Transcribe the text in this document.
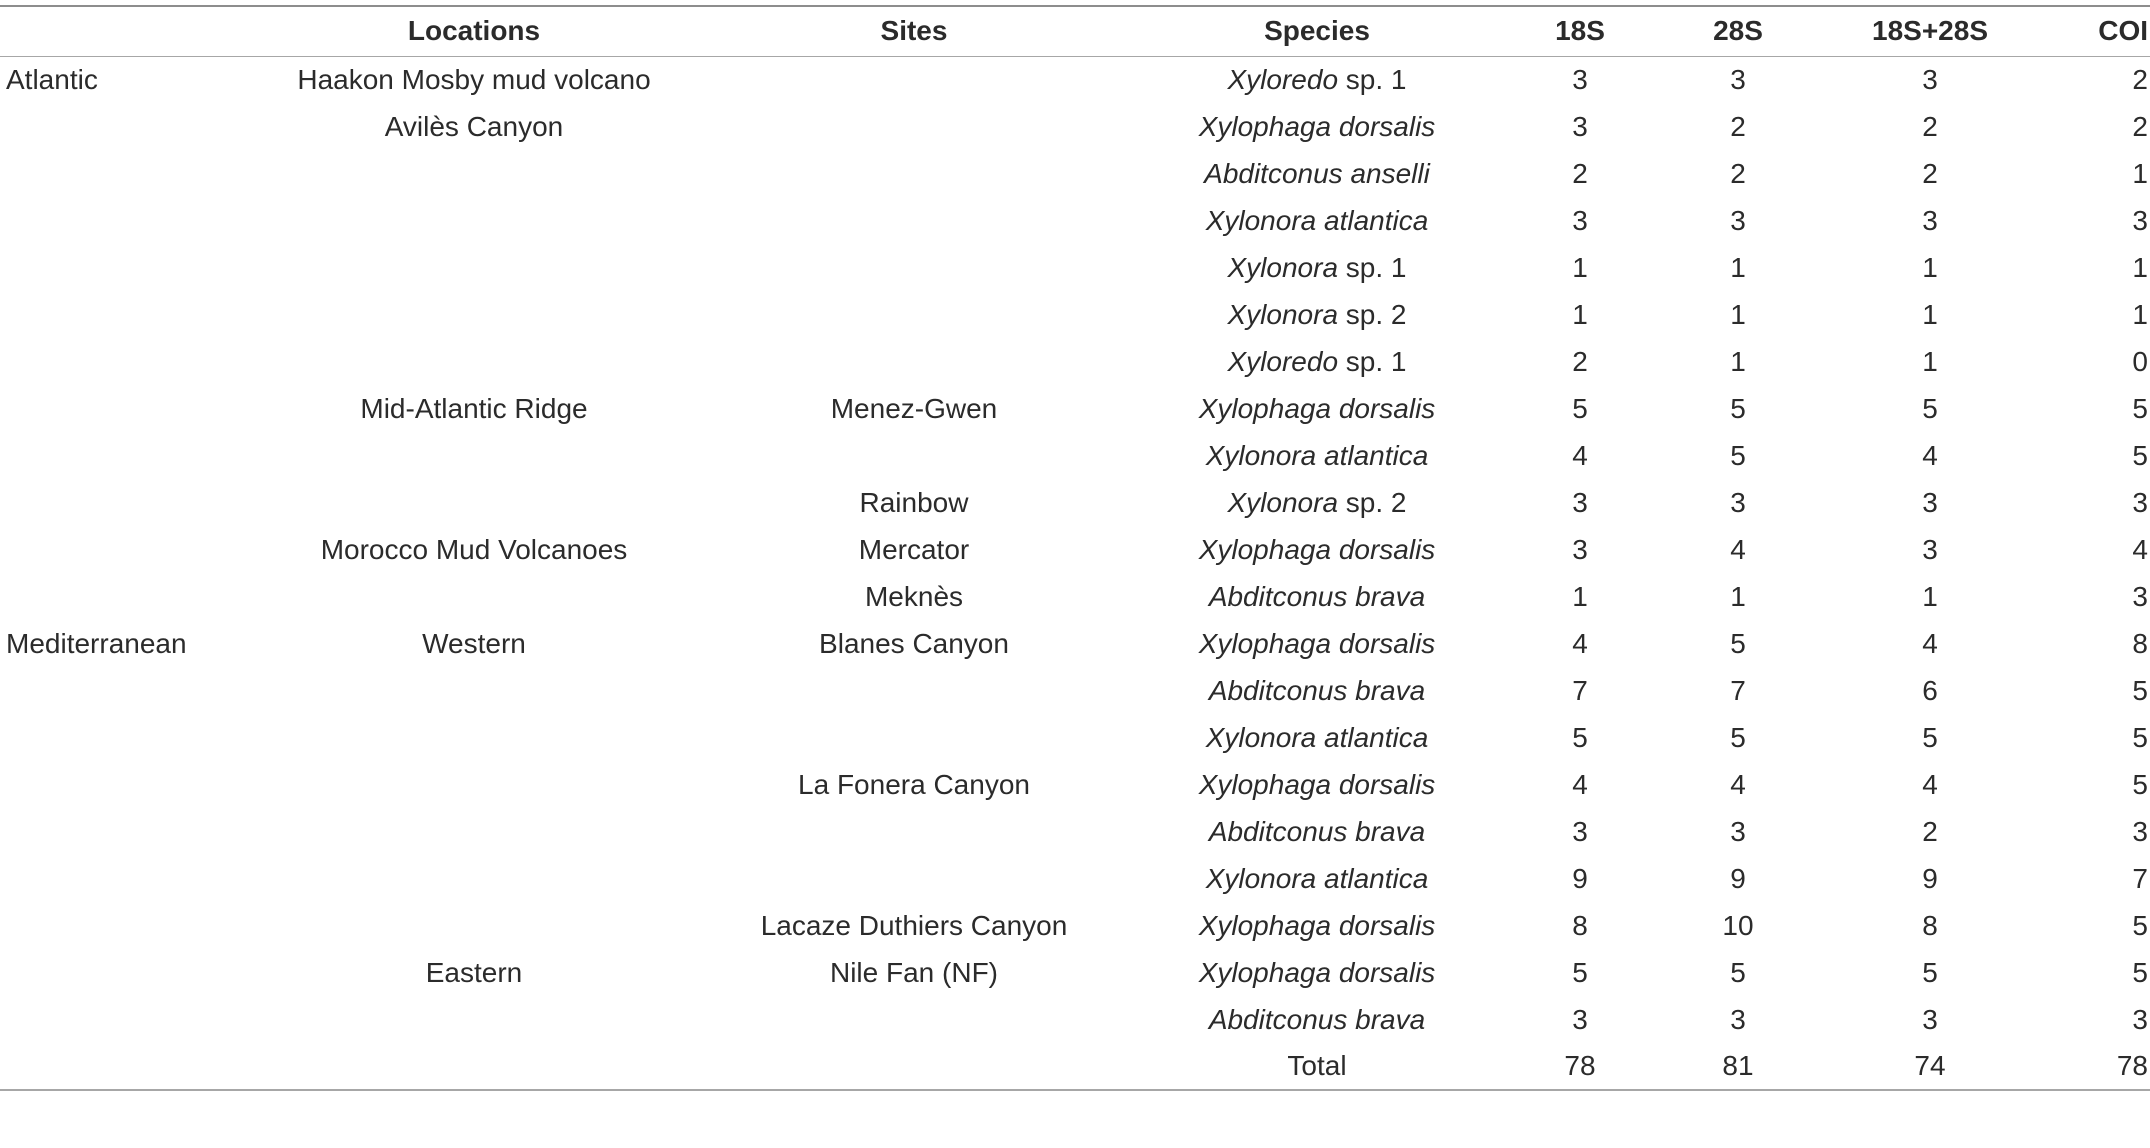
	Locations	Sites	Species	18S	28S	18S+28S	COI
Atlantic	Haakon Mosby mud volcano		Xyloredo sp. 1	3	3	3	2
	Avilès Canyon		Xylophaga dorsalis	3	2	2	2
			Abditconus anselli	2	2	2	1
			Xylonora atlantica	3	3	3	3
			Xylonora sp. 1	1	1	1	1
			Xylonora sp. 2	1	1	1	1
			Xyloredo sp. 1	2	1	1	0
	Mid-Atlantic Ridge	Menez-Gwen	Xylophaga dorsalis	5	5	5	5
			Xylonora atlantica	4	5	4	5
		Rainbow	Xylonora sp. 2	3	3	3	3
	Morocco Mud Volcanoes	Mercator	Xylophaga dorsalis	3	4	3	4
		Meknès	Abditconus brava	1	1	1	3
Mediterranean	Western	Blanes Canyon	Xylophaga dorsalis	4	5	4	8
			Abditconus brava	7	7	6	5
			Xylonora atlantica	5	5	5	5
		La Fonera Canyon	Xylophaga dorsalis	4	4	4	5
			Abditconus brava	3	3	2	3
			Xylonora atlantica	9	9	9	7
		Lacaze Duthiers Canyon	Xylophaga dorsalis	8	10	8	5
	Eastern	Nile Fan (NF)	Xylophaga dorsalis	5	5	5	5
			Abditconus brava	3	3	3	3
			Total	78	81	74	78
